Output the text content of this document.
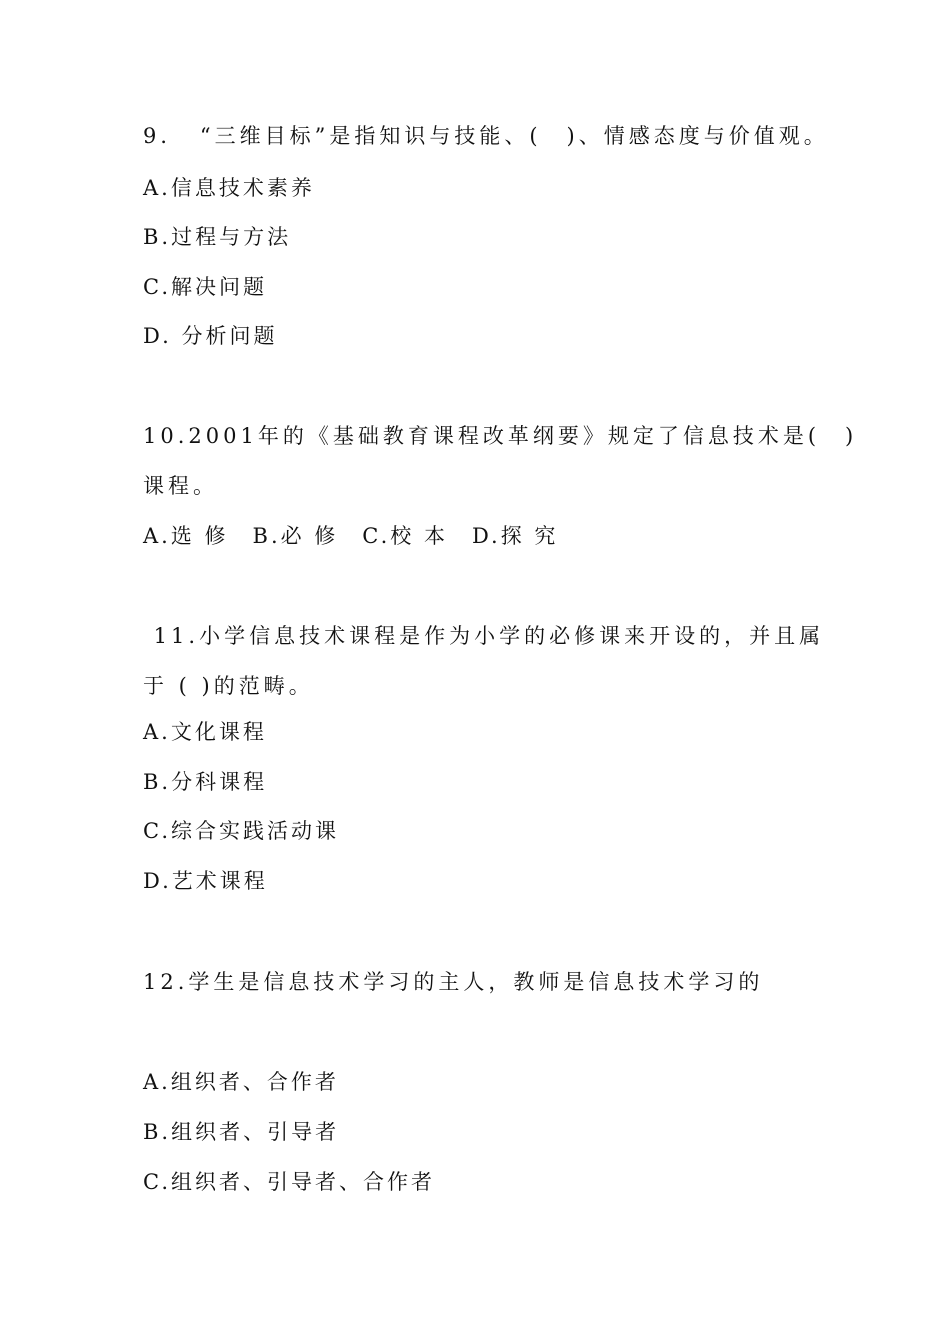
9．　“三维目标”是指知识与技能、(　)、情感态度与价值观。
A.信息技术素养
B.过程与方法
C.解决问题
D. 分析问题
10.2001年的《基础教育课程改革纲要》规定了信息技术是(　)
课程。
A.选 修　B.必 修　C.校 本　D.探 究
11.小学信息技术课程是作为小学的必修课来开设的，并且属
于 ( )的范畴。
A.文化课程
B.分科课程
C.综合实践活动课
D.艺术课程
12.学生是信息技术学习的主人，教师是信息技术学习的
A.组织者、合作者
B.组织者、引导者
C.组织者、引导者、合作者
